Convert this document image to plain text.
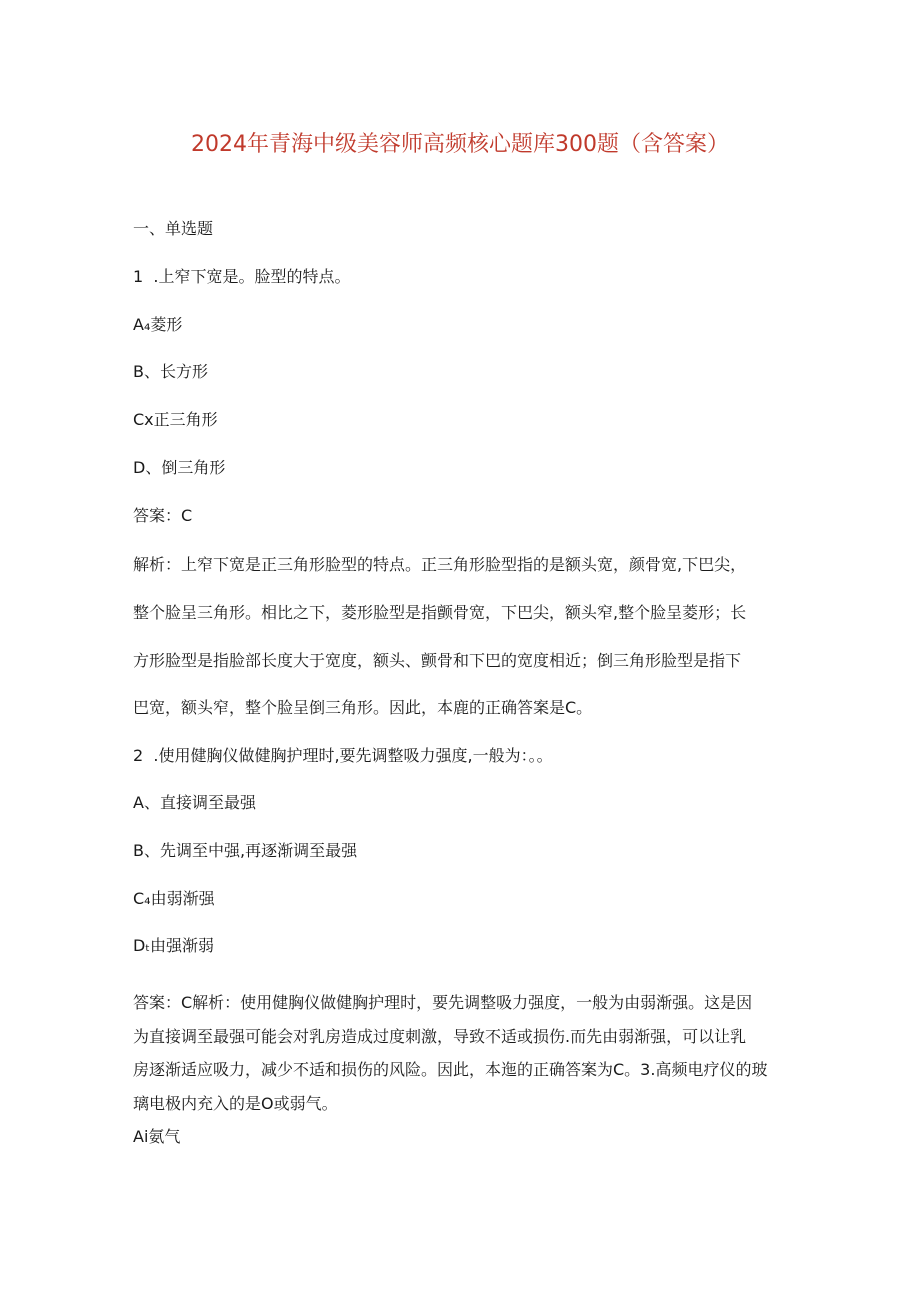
2024年青海中级美容师高频核心题库300题（含答案）
一、单选题
1  .上窄下宽是。脸型的特点。
A₄菱形
B、长方形
Cx正三角形
D、倒三角形
答案：C
解析：上窄下宽是正三角形脸型的特点。正三角形脸型指的是额头宽，颜骨宽,下巴尖，
整个脸呈三角形。相比之下，菱形脸型是指颤骨宽，下巴尖，额头窄,整个脸呈菱形；长
方形脸型是指脸部长度大于宽度，额头、颤骨和下巴的宽度相近；倒三角形脸型是指下
巴宽，额头窄，整个脸呈倒三角形。因此，本鹿的正确答案是C。
2  .使用健胸仪做健胸护理时,要先调整吸力强度,一般为：。。
A、直接调至最强
B、先调至中强,再逐渐调至最强
C₄由弱渐强
Dₜ由强渐弱
答案：C解析：使用健胸仪做健胸护理时，要先调整吸力强度，一般为由弱渐强。这是因
为直接调至最强可能会对乳房造成过度刺激，导致不适或损伤.而先由弱渐强，可以让乳
房逐渐适应吸力，减少不适和损伤的风险。因此，本迤的正确答案为C。3.高频电疗仪的玻
璃电极内充入的是O或弱气。
Ai氨气
